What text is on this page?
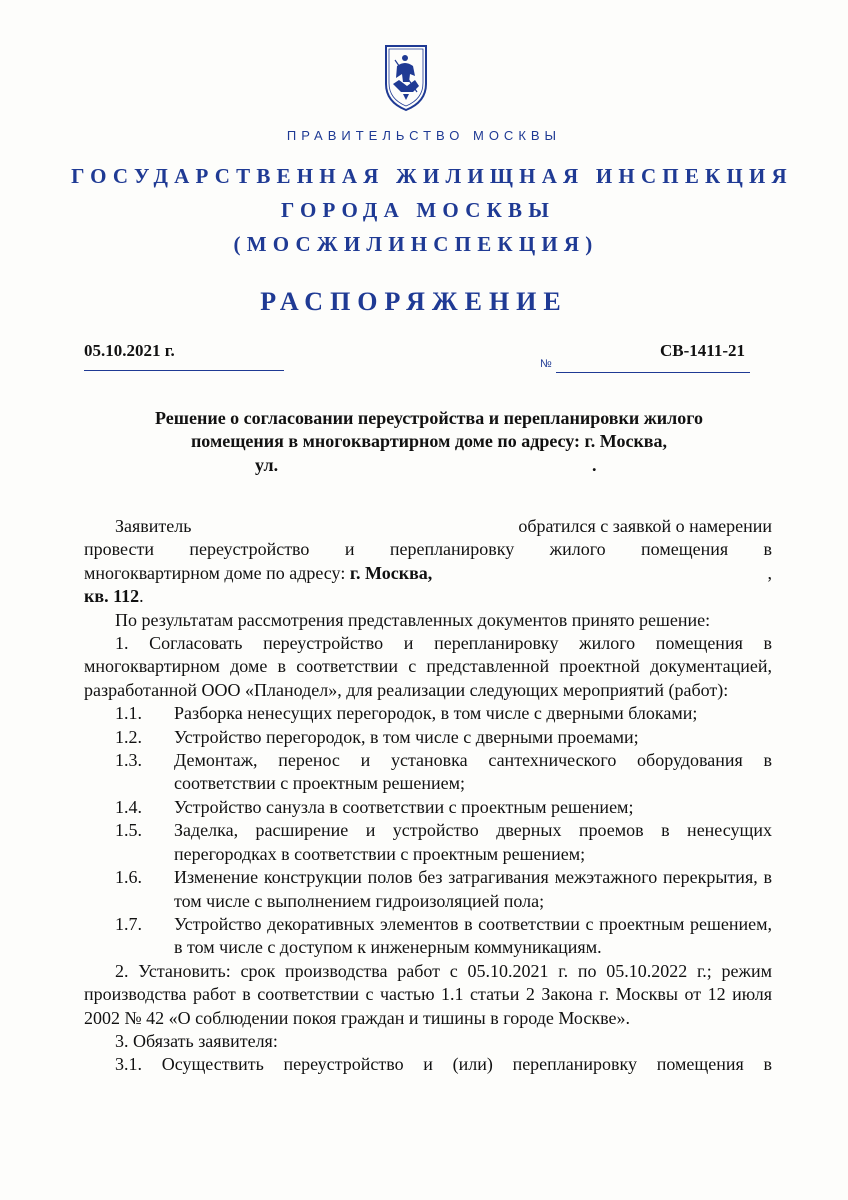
ПРАВИТЕЛЬСТВО МОСКВЫ
ГОСУДАРСТВЕННАЯ ЖИЛИЩНАЯ ИНСПЕКЦИЯ
ГОРОДА МОСКВЫ
(МОСЖИЛИНСПЕКЦИЯ)
РАСПОРЯЖЕНИЕ
05.10.2021 г.
№
СВ-1411-21
Решение о согласовании переустройства и перепланировки жилого
помещения в многоквартирном доме по адресу: г. Москва,
ул.	.

Заявитель	обратился с заявкой о намерении

провести переустройство и перепланировку жилого помещения в

многоквартирном доме по адресу:
г. Москва,	,

кв. 112.

По результатам рассмотрения представленных документов принято решение:

1. Согласовать переустройство и перепланировку жилого помещения в многоквартирном доме в соответствии с представленной проектной документацией, разработанной ООО «Планодел», для реализации следующих мероприятий (работ):

1.1.	Разборка ненесущих перегородок, в том числе с дверными блоками;
1.2.	Устройство перегородок, в том числе с дверными проемами;
1.3.	Демонтаж, перенос и установка сантехнического оборудования в соответствии с проектным решением;
1.4.	Устройство санузла в соответствии с проектным решением;
1.5.	Заделка, расширение и устройство дверных проемов в ненесущих перегородках в соответствии с проектным решением;
1.6.	Изменение конструкции полов без затрагивания межэтажного перекрытия, в том числе с выполнением гидроизоляцией пола;
1.7.	Устройство декоративных элементов в соответствии с проектным решением, в том числе с доступом к инженерным коммуникациям.

2. Установить: срок производства работ с 05.10.2021 г. по 05.10.2022 г.; режим производства работ в соответствии с частью 1.1 статьи 2 Закона г. Москвы от 12 июля 2002 № 42 «О соблюдении покоя граждан и тишины в городе Москве».

3. Обязать заявителя:

3.1. Осуществить переустройство и (или) перепланировку помещения в
